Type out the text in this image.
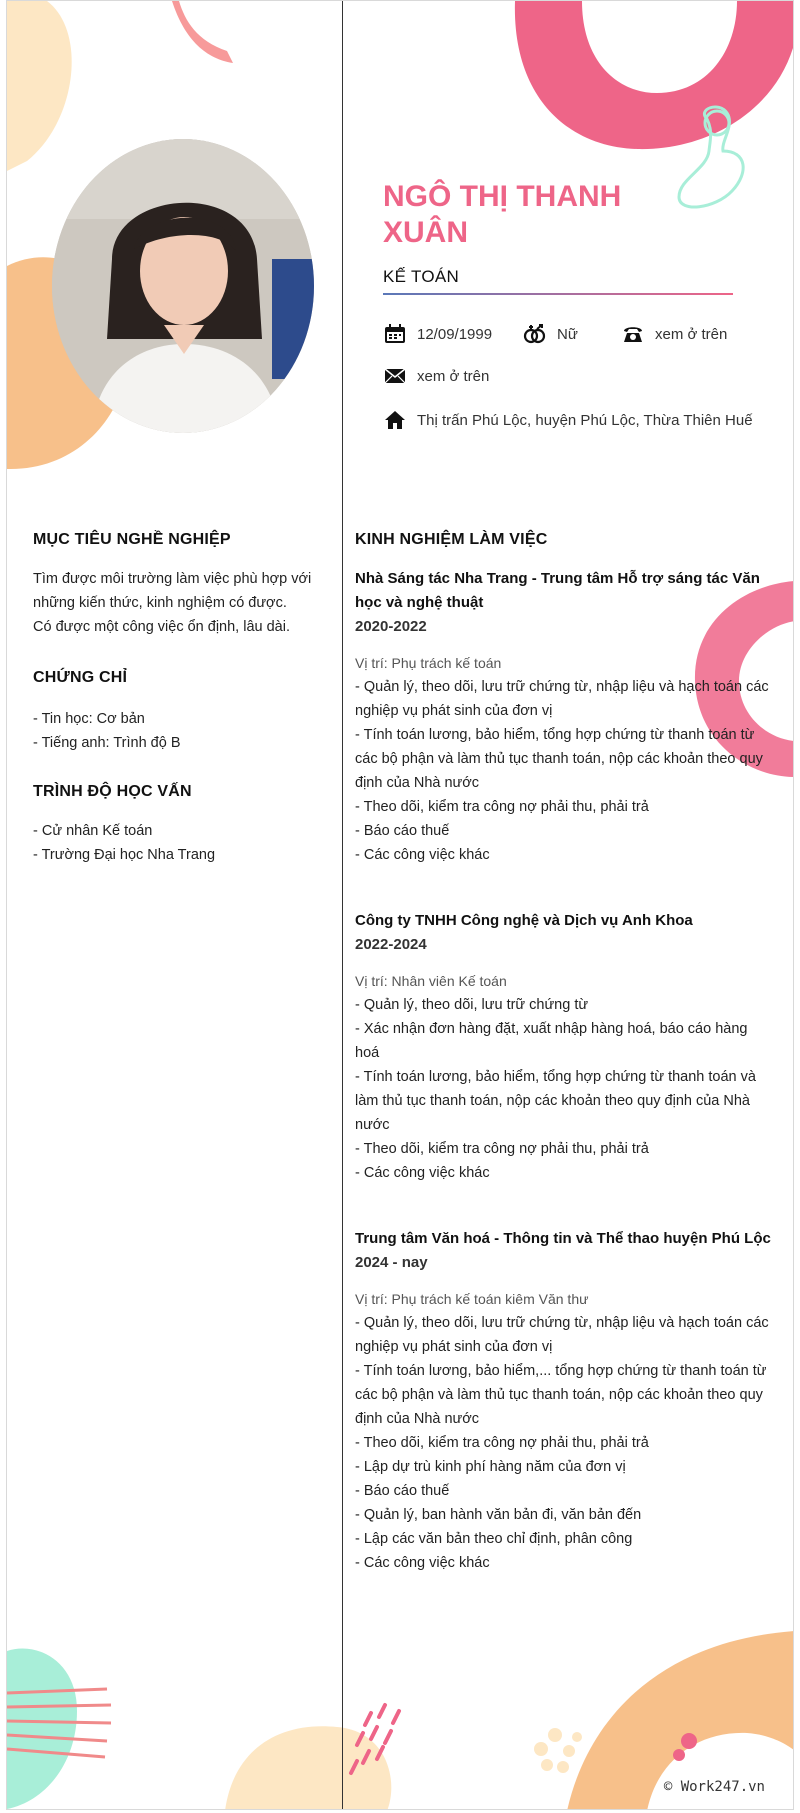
NGÔ THỊ THANH XUÂN
KẾ TOÁN
12/09/1999	Nữ	xem ở trên
xem ở trên
Thị trấn Phú Lộc, huyện Phú Lộc, Thừa Thiên Huế
MỤC TIÊU NGHỀ NGHIỆP
Tìm được môi trường làm việc phù hợp với
những kiến thức, kinh nghiệm có được.
Có được một công việc ổn định, lâu dài.
CHỨNG CHỈ
- Tin học: Cơ bản
- Tiếng anh: Trình độ B
TRÌNH ĐỘ HỌC VẤN
- Cử nhân Kế toán
- Trường Đại học Nha Trang
KINH NGHIỆM LÀM VIỆC
Nhà Sáng tác Nha Trang - Trung tâm Hỗ trợ sáng tác Văn học và nghệ thuật
2020-2022
Vị trí: Phụ trách kế toán
- Quản lý, theo dõi, lưu trữ chứng từ, nhập liệu và hạch toán các nghiệp vụ phát sinh của đơn vị
- Tính toán lương, bảo hiểm, tổng hợp chứng từ thanh toán từ các bộ phận và làm thủ tục thanh toán, nộp các khoản theo quy định của Nhà nước
- Theo dõi, kiểm tra công nợ phải thu, phải trả
- Báo cáo thuế
- Các công việc khác
Công ty TNHH Công nghệ và Dịch vụ Anh Khoa
2022-2024
Vị trí: Nhân viên Kế toán
- Quản lý, theo dõi, lưu trữ chứng từ
- Xác nhận đơn hàng đặt, xuất nhập hàng hoá, báo cáo hàng hoá
- Tính toán lương, bảo hiểm, tổng hợp chứng từ thanh toán và làm thủ tục thanh toán, nộp các khoản theo quy định của Nhà nước
- Theo dõi, kiểm tra công nợ phải thu, phải trả
- Các công việc khác
Trung tâm Văn hoá - Thông tin và Thể thao huyện Phú Lộc
2024 - nay
Vị trí: Phụ trách kế toán kiêm Văn thư
- Quản lý, theo dõi, lưu trữ chứng từ, nhập liệu và hạch toán các nghiệp vụ phát sinh của đơn vị
- Tính toán lương, bảo hiểm,... tổng hợp chứng từ thanh toán từ các bộ phận và làm thủ tục thanh toán, nộp các khoản theo quy định của Nhà nước
- Theo dõi, kiểm tra công nợ phải thu, phải trả
- Lập dự trù kinh phí hàng năm của đơn vị
- Báo cáo thuế
- Quản lý, ban hành văn bản đi, văn bản đến
- Lập các văn bản theo chỉ định, phân công
- Các công việc khác
© Work247.vn
